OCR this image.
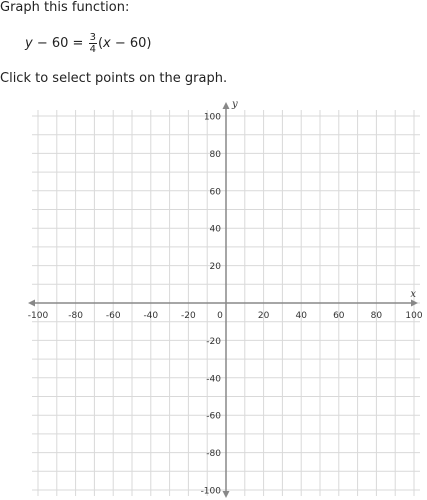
Graph this function:
$y - 60 = \frac{3}{4}$ ( x − 60)
Click to select points on the graph.
-100 -80	-60	-40	-20	20	40	60	80	100
100
80
60
40
20
-20
-40
-60
-80
-100
0
x
y
